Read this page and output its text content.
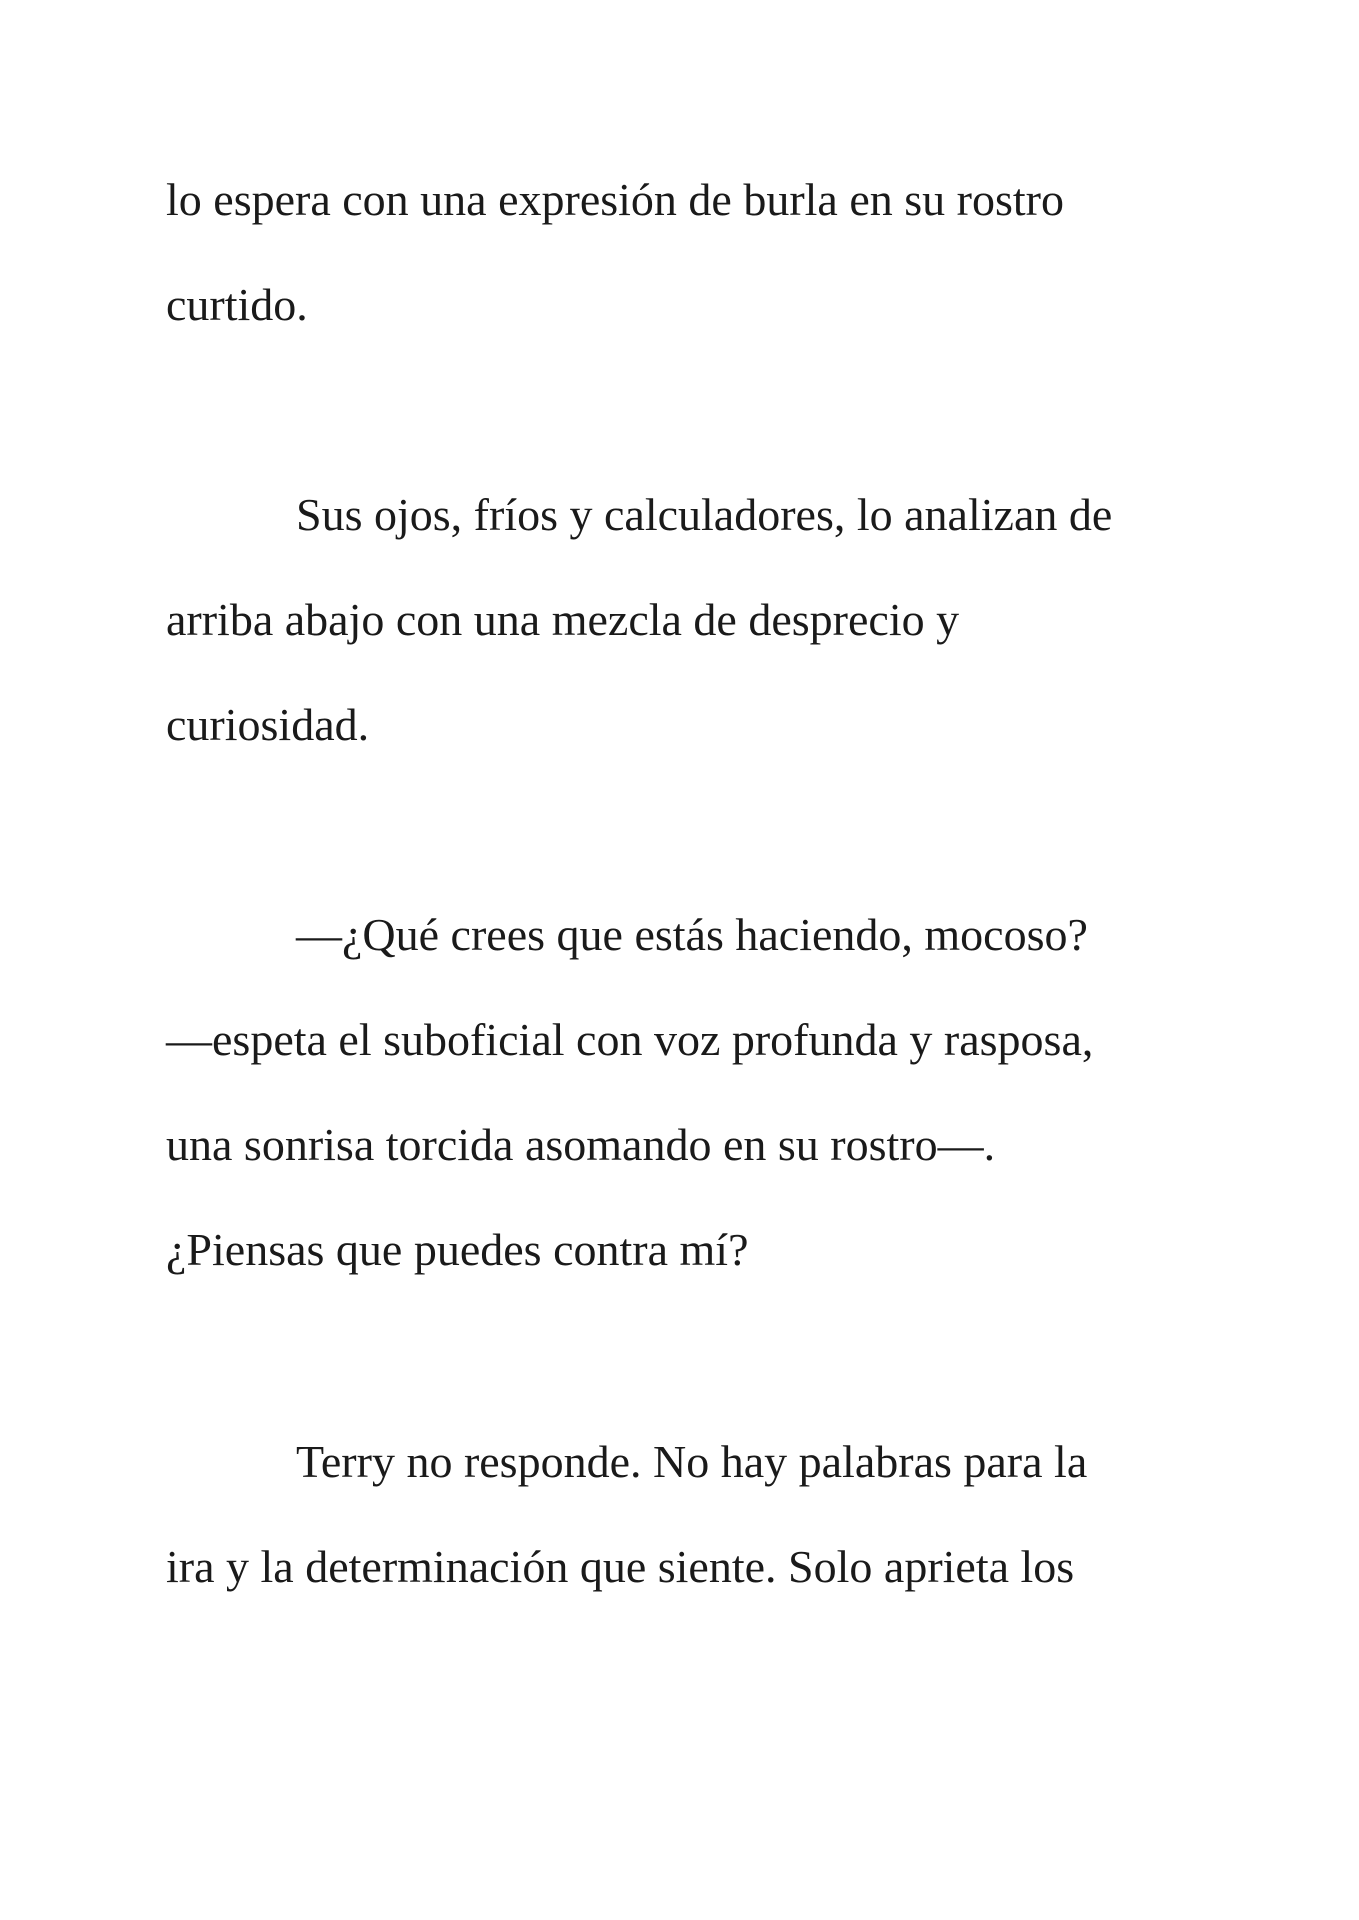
lo espera con una expresión de burla en su rostro
curtido.
Sus ojos, fríos y calculadores, lo analizan de
arriba abajo con una mezcla de desprecio y
curiosidad.
—¿Qué crees que estás haciendo, mocoso?
—espeta el suboficial con voz profunda y rasposa,
una sonrisa torcida asomando en su rostro—.
¿Piensas que puedes contra mí?
Terry no responde. No hay palabras para la
ira y la determinación que siente. Solo aprieta los
